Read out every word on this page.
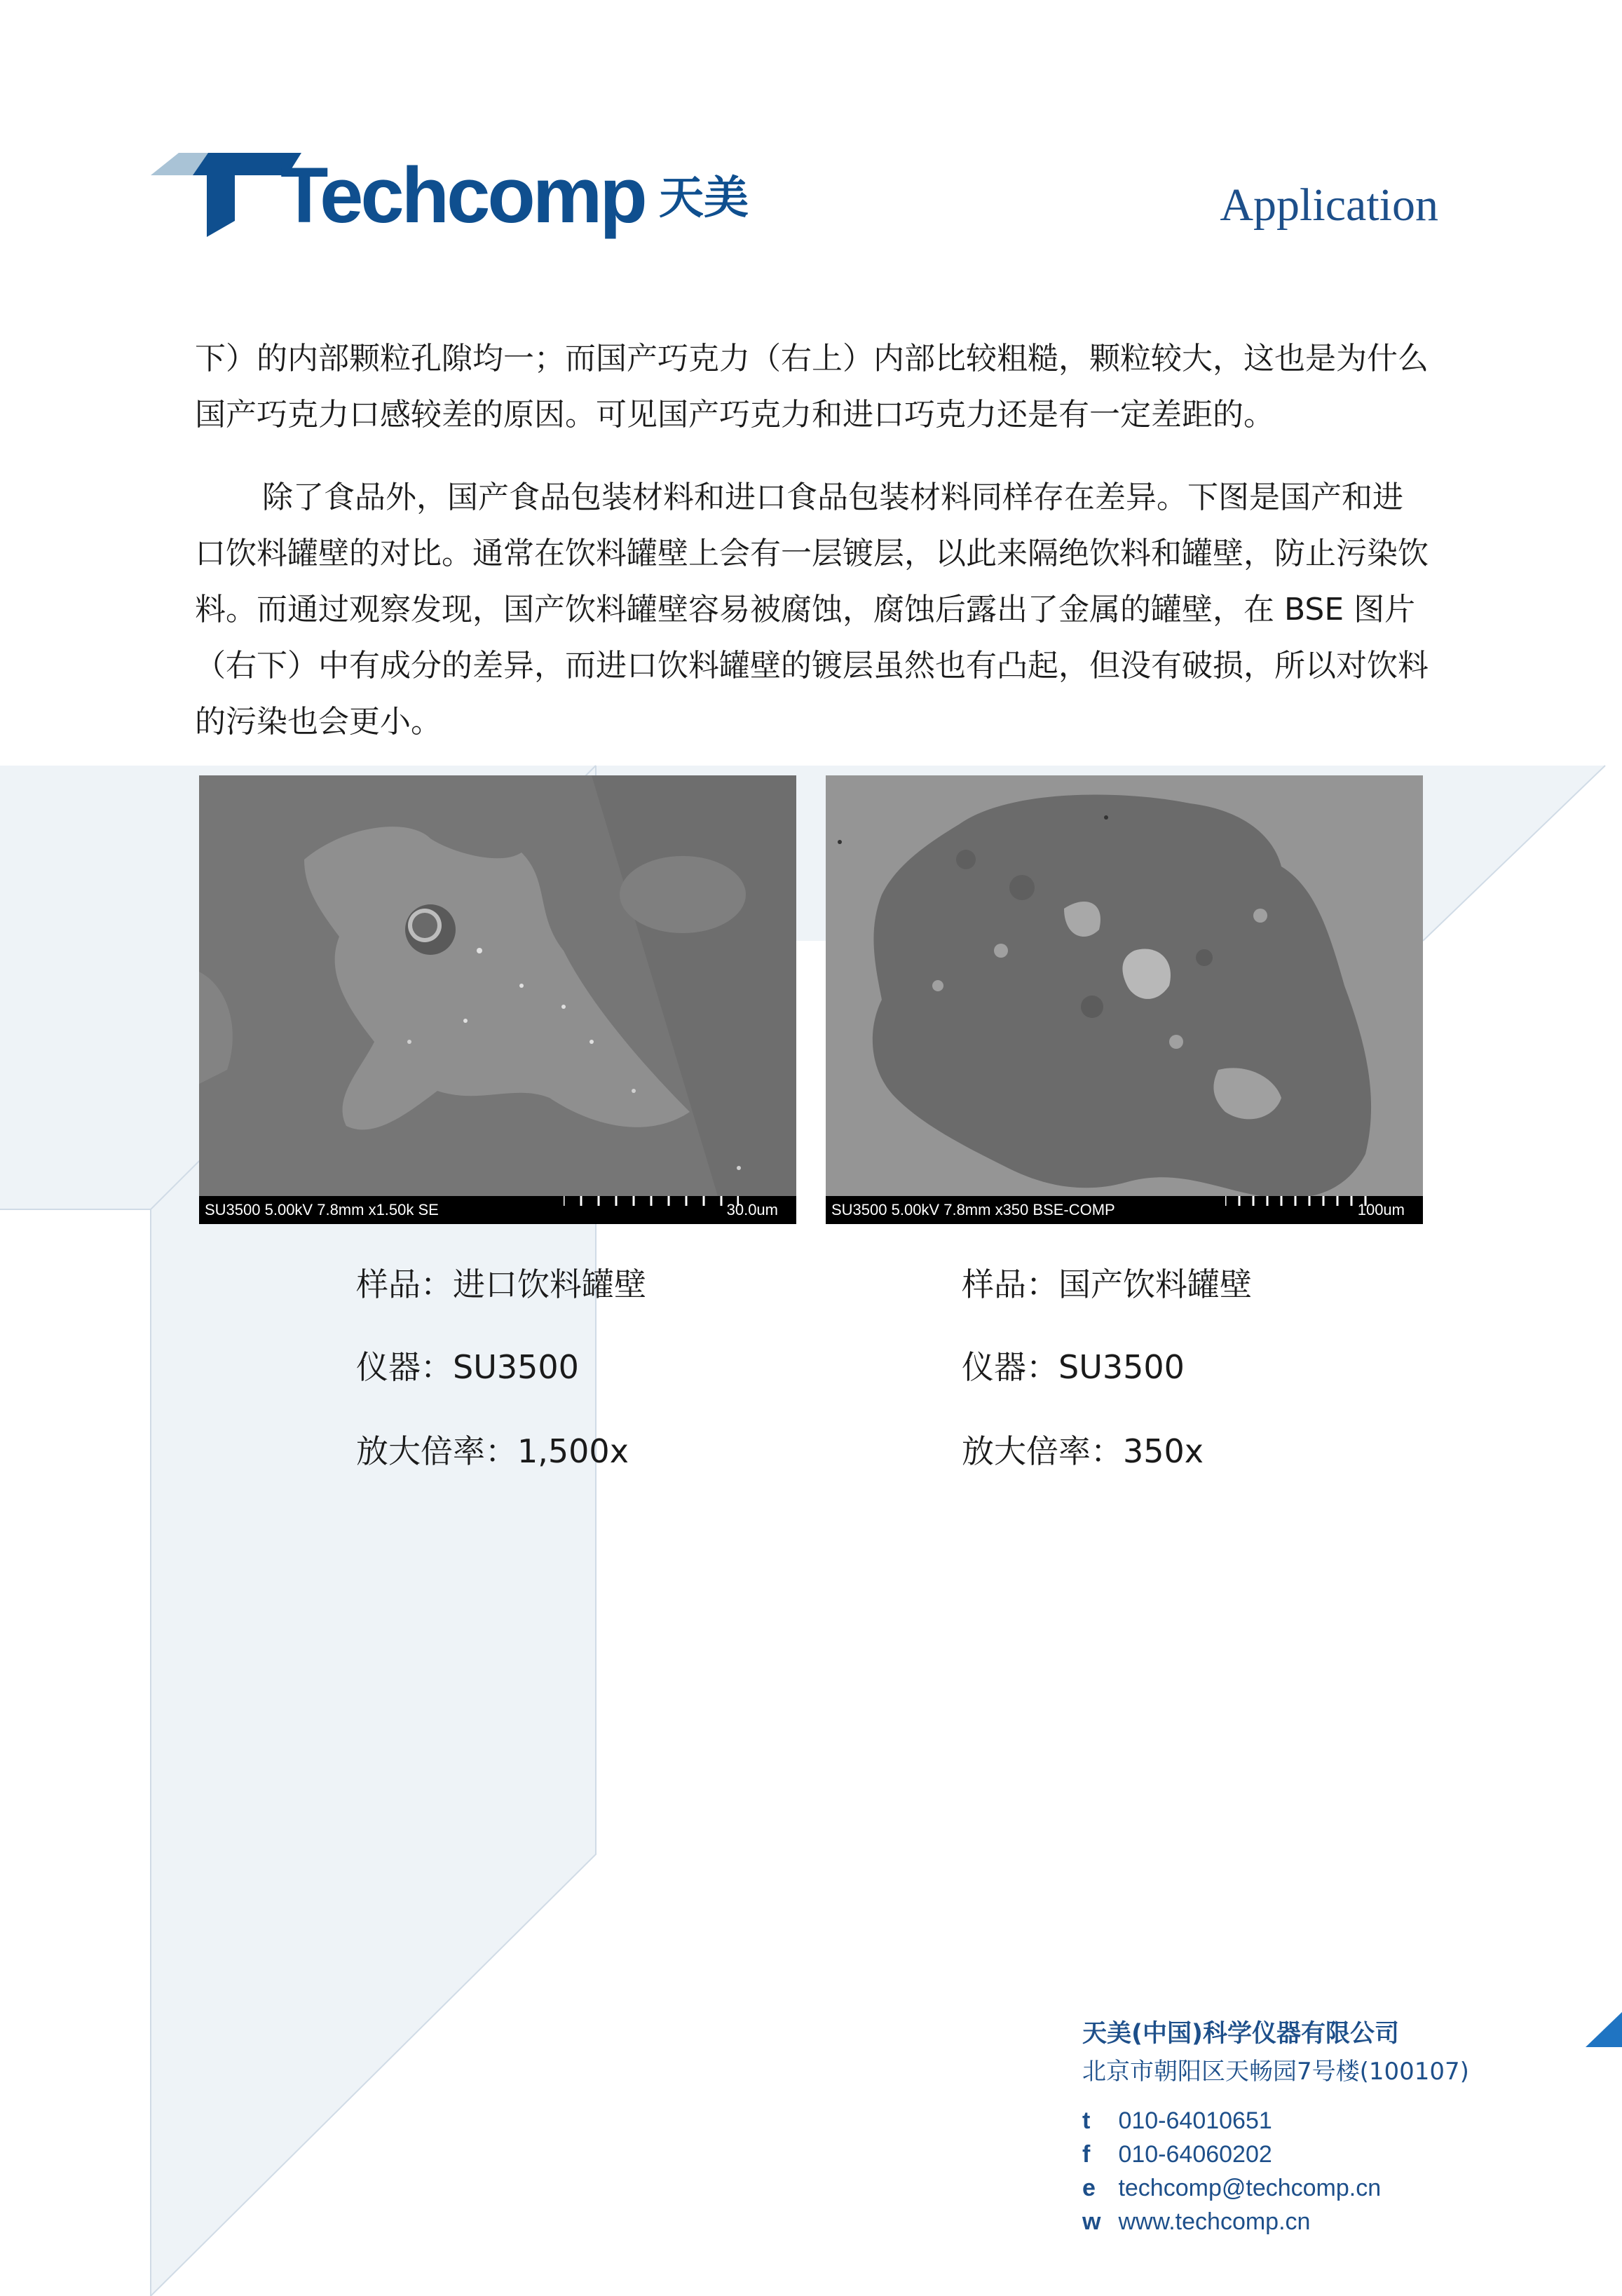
Techcomp 天美	Application

下）的内部颗粒孔隙均一；而国产巧克力（右上）内部比较粗糙，颗粒较大，这也是为什么国产巧克力口感较差的原因。可见国产巧克力和进口巧克力还是有一定差距的。

除了食品外，国产食品包装材料和进口食品包装材料同样存在差异。下图是国产和进口饮料罐壁的对比。通常在饮料罐壁上会有一层镀层，以此来隔绝饮料和罐壁，防止污染饮料。而通过观察发现，国产饮料罐壁容易被腐蚀，腐蚀后露出了金属的罐壁，在 BSE 图片（右下）中有成分的差异，而进口饮料罐壁的镀层虽然也有凸起，但没有破损，所以对饮料的污染也会更小。

SU3500 5.00kV 7.8mm x1.50k SE	30.0um	SU3500 5.00kV 7.8mm x350 BSE-COMP	100um

样品：进口饮料罐壁

仪器：SU3500

放大倍率：1,500x

样品：国产饮料罐壁

仪器：SU3500

放大倍率：350x

天美(中国)科学仪器有限公司
北京市朝阳区天畅园7号楼(100107)
t 010-64010651
f 010-64060202
e techcomp@techcomp.cn
w www.techcomp.cn
